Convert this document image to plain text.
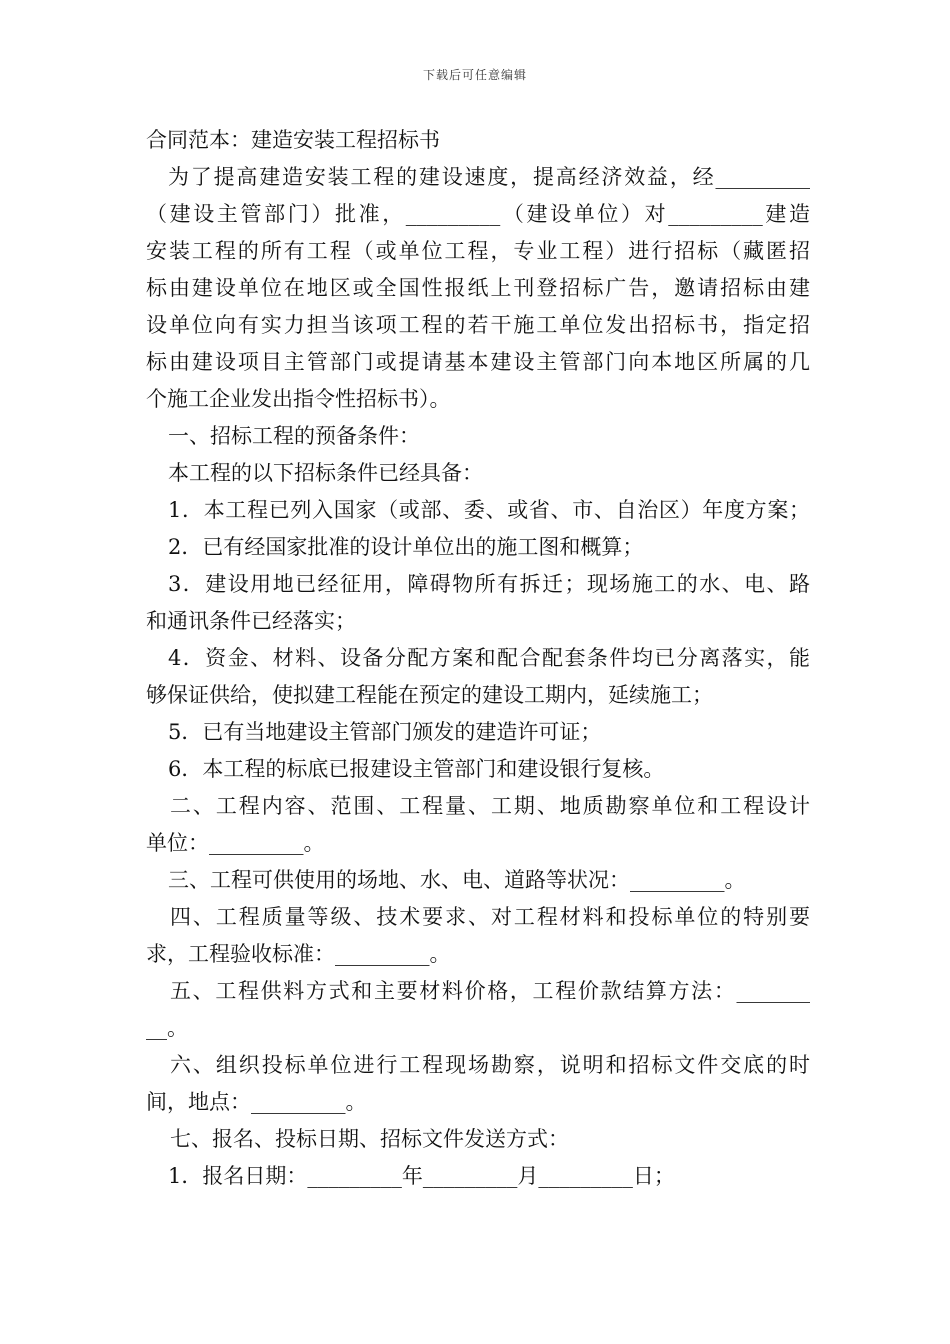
下载后可任意编辑
合同范本：建造安装工程招标书
为了提高建造安装工程的建设速度，提高经济效益，经_________
（建设主管部门）批准，_________（建设单位）对_________建造
安装工程的所有工程（或单位工程，专业工程）进行招标（藏匿招
标由建设单位在地区或全国性报纸上刊登招标广告，邀请招标由建
设单位向有实力担当该项工程的若干施工单位发出招标书，指定招
标由建设项目主管部门或提请基本建设主管部门向本地区所属的几
个施工企业发出指令性招标书）。
一、招标工程的预备条件：
本工程的以下招标条件已经具备：
1．本工程已列入国家（或部、委、或省、市、自治区）年度方案；
2．已有经国家批准的设计单位出的施工图和概算；
3．建设用地已经征用，障碍物所有拆迁；现场施工的水、电、路
和通讯条件已经落实；
4．资金、材料、设备分配方案和配合配套条件均已分离落实，能
够保证供给，使拟建工程能在预定的建设工期内，延续施工；
5．已有当地建设主管部门颁发的建造许可证；
6．本工程的标底已报建设主管部门和建设银行复核。
二、工程内容、范围、工程量、工期、地质勘察单位和工程设计
单位：_________。
三、工程可供使用的场地、水、电、道路等状况：_________。
四、工程质量等级、技术要求、对工程材料和投标单位的特别要
求，工程验收标准：_________。
五、工程供料方式和主要材料价格，工程价款结算方法：_______
__。
六、组织投标单位进行工程现场勘察，说明和招标文件交底的时
间，地点：_________。
七、报名、投标日期、招标文件发送方式：
1．报名日期：_________年_________月_________日；
